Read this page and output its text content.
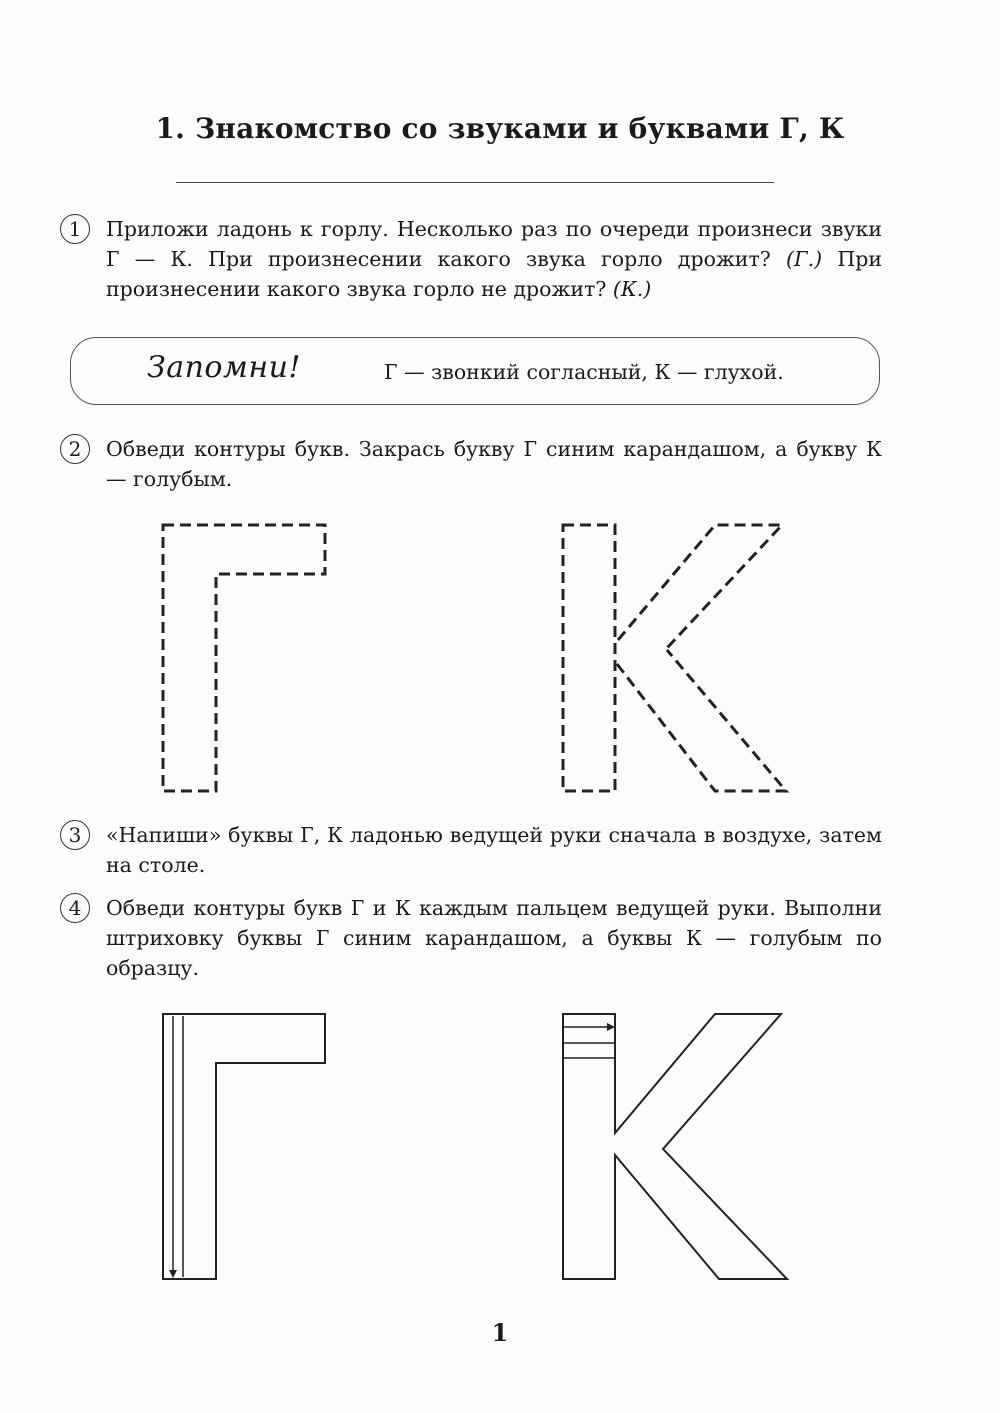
1. Знакомство со звуками и буквами Г, К
1	Приложи ладонь к горлу. Несколько раз по очереди произнеси звуки Г — К. При произнесении какого звука горло дрожит? (Г.) При произнесении какого звука горло не дрожит? (К.)

Запомни!	Г — звонкий согласный, К — глухой.
2	Обведи контуры букв. Закрась букву Г синим карандашом, а букву К — голубым.

3	«Напиши» буквы Г, К ладонью ведущей руки сначала в воздухе, затем на столе.

4	Обведи контуры букв Г и К каждым пальцем ведущей руки. Выполни штриховку буквы Г синим карандашом, а буквы К — голубым по образцу.

1
